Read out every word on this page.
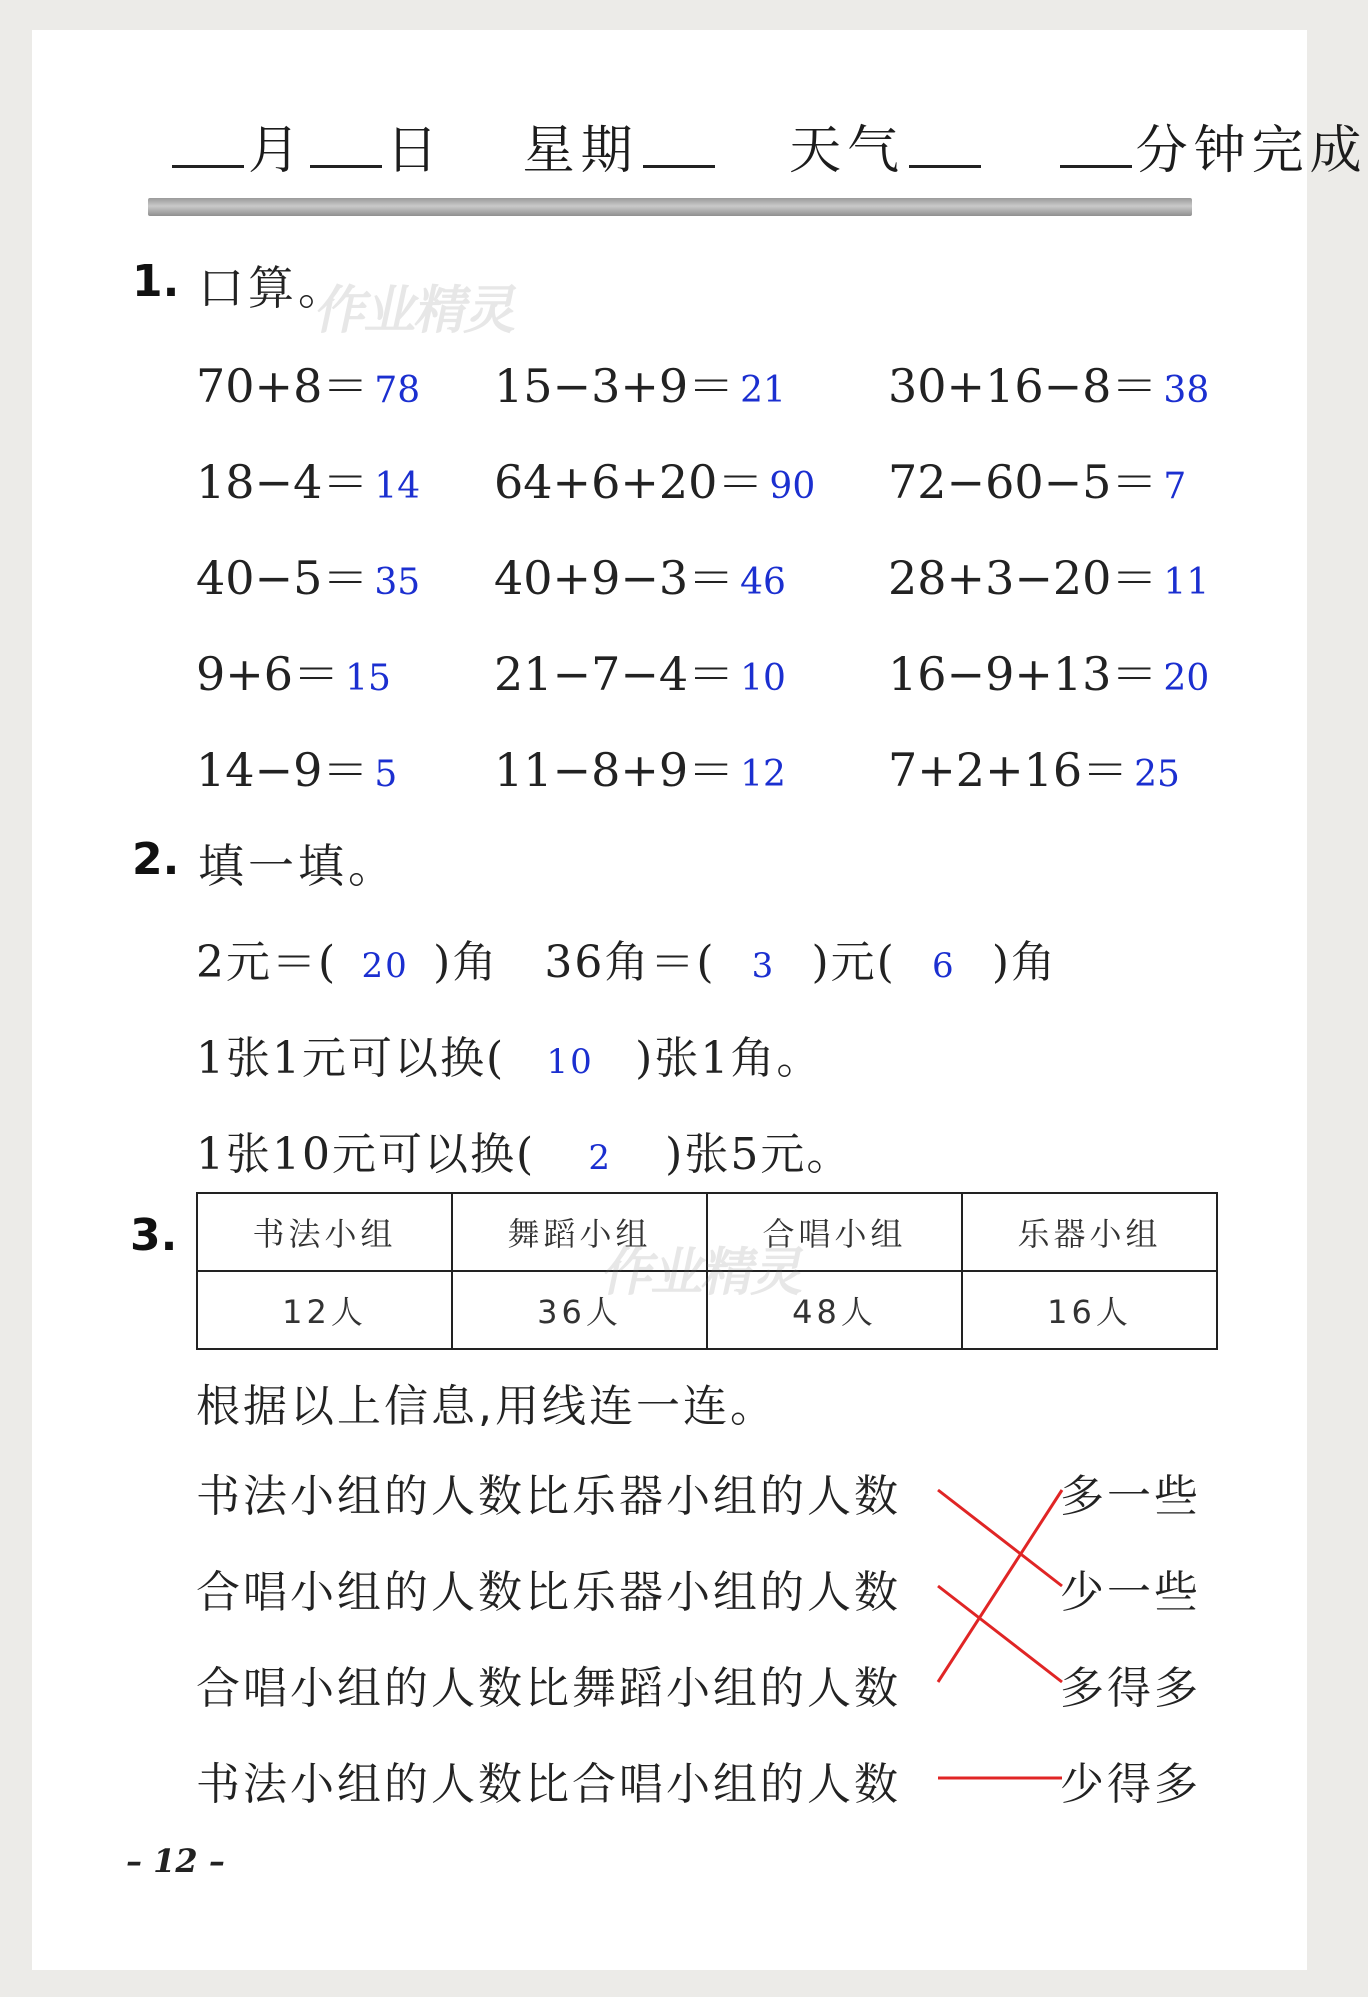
月 日 星期	天气	分钟完成
1. 口算。
作业精灵
70+8＝ 78 15−3+9＝ 21 30+16−8＝ 38
18−4＝ 14 64+6+20＝ 90 72−60−5＝ 7
40−5＝ 35 40+9−3＝ 46 28+3−20＝ 11
9+6＝ 15 21−7−4＝ 10 16−9+13＝ 20
14−9＝ 5 11−8+9＝ 12 7+2+16＝ 25
2. 填一填。
2元＝( 20 )角　36角＝( 3 )元( 6 )角
1张1元可以换( 10 )张1角。
1张10元可以换( 2 )张5元。
3. 书法小组	舞蹈小组	合唱小组	乐器小组
12人	36人	48人	16人
作业精灵
根据以上信息,用线连一连。
书法小组的人数比乐器小组的人数
合唱小组的人数比乐器小组的人数
合唱小组的人数比舞蹈小组的人数
书法小组的人数比合唱小组的人数
多一些
少一些
多得多
少得多
– 12 –
